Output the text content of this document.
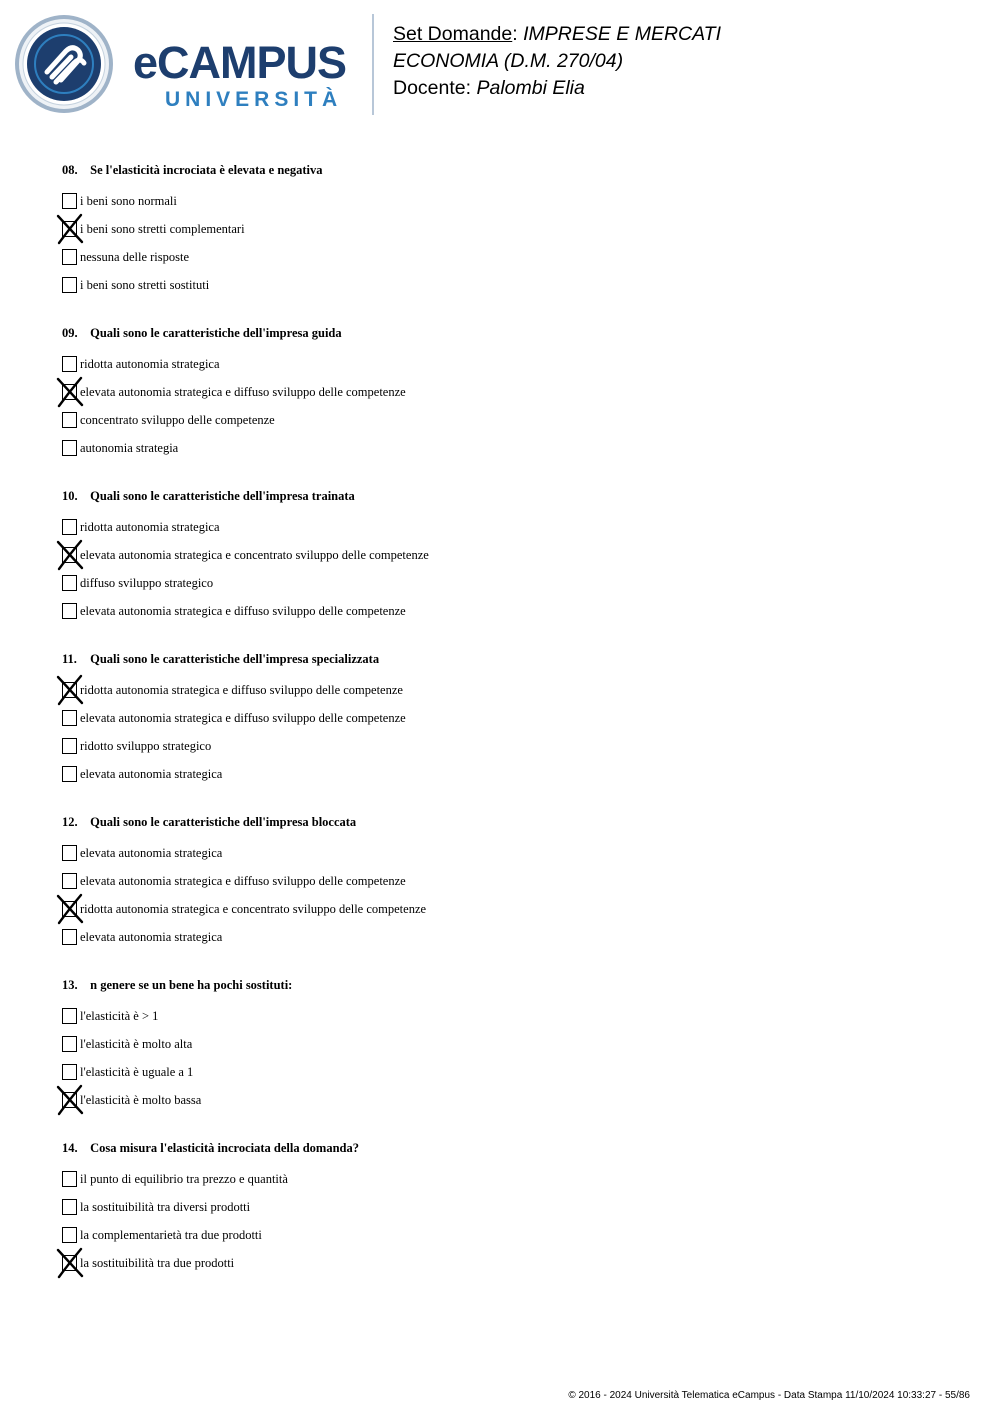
eCAMPUS
UNIVERSITÀ
Set Domande: IMPRESE E MERCATI
ECONOMIA (D.M. 270/04)
Docente: Palombi Elia
08. Se l'elasticità incrociata è elevata e negativa
i beni sono normali
i beni sono stretti complementari
nessuna delle risposte
i beni sono stretti sostituti
09. Quali sono le caratteristiche dell'impresa guida
ridotta autonomia strategica
elevata autonomia strategica e diffuso sviluppo delle competenze
concentrato sviluppo delle competenze
autonomia strategia
10. Quali sono le caratteristiche dell'impresa trainata
ridotta autonomia strategica
elevata autonomia strategica e concentrato sviluppo delle competenze
diffuso sviluppo strategico
elevata autonomia strategica e diffuso sviluppo delle competenze
11. Quali sono le caratteristiche dell'impresa specializzata
ridotta autonomia strategica e diffuso sviluppo delle competenze
elevata autonomia strategica e diffuso sviluppo delle competenze
ridotto sviluppo strategico
elevata autonomia strategica
12. Quali sono le caratteristiche dell'impresa bloccata
elevata autonomia strategica
elevata autonomia strategica e diffuso sviluppo delle competenze
ridotta autonomia strategica e concentrato sviluppo delle competenze
elevata autonomia strategica
13. n genere se un bene ha pochi sostituti:
l'elasticità è > 1
l'elasticità è molto alta
l'elasticità è uguale a 1
l'elasticità è molto bassa
14. Cosa misura l'elasticità incrociata della domanda?
il punto di equilibrio tra prezzo e quantità
la sostituibilità tra diversi prodotti
la complementarietà tra due prodotti
la sostituibilità tra due prodotti
© 2016 - 2024 Università Telematica eCampus - Data Stampa 11/10/2024 10:33:27 - 55/86
